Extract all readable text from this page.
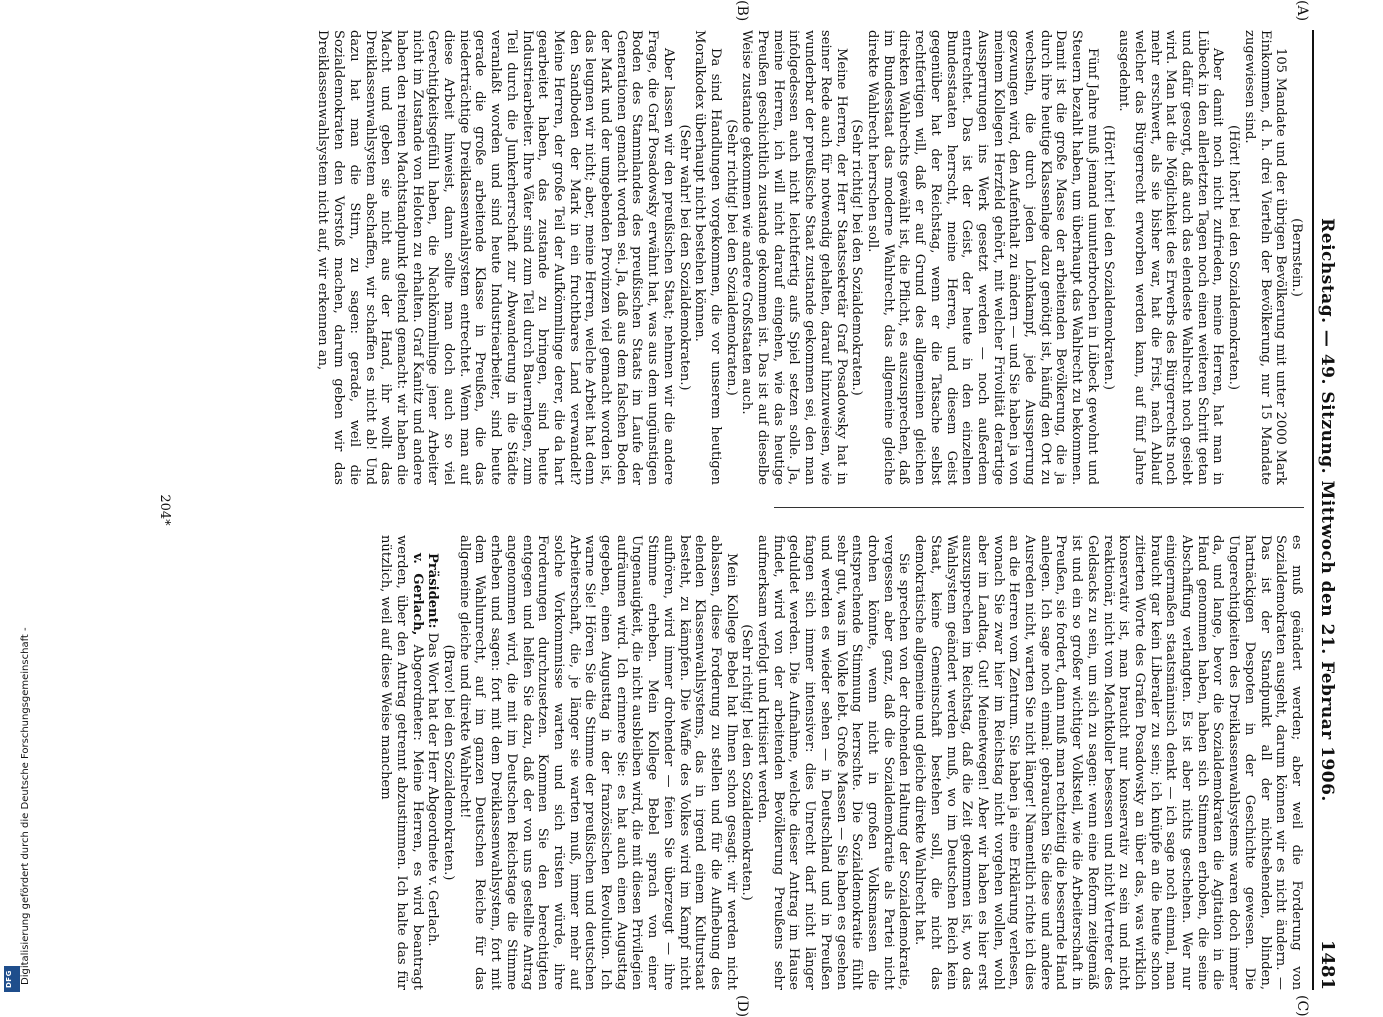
Reichstag. — 49. Sitzung. Mittwoch den 21. Februar 1906.
1481
(A)
(B)
(C)
(D)

(Bernstein.)

105 Mandate und der übrigen Bevölkerung mit unter 2000 Mark Einkommen, d. h. drei Vierteln der Bevölkerung, nur 15 Mandate zugewiesen sind.

(Hört! hört! bei den Sozialdemokraten.)

Aber damit noch nicht zufrieden, meine Herren, hat man in Lübeck in den allerletzten Tagen noch einen weiteren Schritt getan und dafür gesorgt, daß auch das elendeste Wahlrecht noch gesiebt wird. Man hat die Möglichkeit des Erwerbs des Bürgerrechts noch mehr erschwert, als sie bisher war, hat die Frist, nach Ablauf welcher das Bürgerrecht erworben werden kann, auf fünf Jahre ausgedehnt.

(Hört! hört! bei den Sozialdemokraten.)

Fünf Jahre muß jemand ununterbrochen in Lübeck gewohnt und Steuern bezahlt haben, um überhaupt das Wahlrecht zu bekommen. Damit ist die große Masse der arbeitenden Bevölkerung, die ja durch ihre heutige Klassenlage dazu genötigt ist, häufig den Ort zu wechseln, die durch jeden Lohnkampf, jede Aussperrung gezwungen wird, den Aufenthalt zu ändern — und Sie haben ja von meinem Kollegen Herzfeld gehört, mit welcher Frivolität derartige Aussperrungen ins Werk gesetzt werden — noch außerdem entrechtet. Das ist der Geist, der heute in den einzelnen Bundesstaaten herrscht, meine Herren, und diesem Geist gegenüber hat der Reichstag, wenn er die Tatsache selbst rechtfertigen will, daß er auf Grund des allgemeinen gleichen direkten Wahlrechts gewählt ist, die Pflicht, es auszusprechen, daß im Bundesstaat das moderne Wahlrecht, das allgemeine gleiche direkte Wahlrecht herrschen soll.

(Sehr richtig! bei den Sozialdemokraten.)

Meine Herren, der Herr Staatssekretär Graf Posadowsky hat in seiner Rede auch für notwendig gehalten, darauf hinzuweisen, wie wunderbar der preußische Staat zustande gekommen sei, den man infolgedessen auch nicht leichtfertig aufs Spiel setzen solle. Ja, meine Herren, ich will nicht darauf eingehen, wie das heutige Preußen geschichtlich zustande gekommen ist. Das ist auf dieselbe Weise zustande gekommen wie andere Großstaaten auch.

(Sehr richtig! bei den Sozialdemokraten.)

Da sind Handlungen vorgekommen, die vor unserem heutigen Moralkodex überhaupt nicht bestehen können.

(Sehr wahr! bei den Sozialdemokraten.)

Aber lassen wir den preußischen Staat; nehmen wir die andere Frage, die Graf Posadowsky erwähnt hat, was aus dem ungünstigen Boden des Stammlandes des preußischen Staats im Laufe der Generationen gemacht worden sei. Ja, daß aus dem falschen Boden der Mark und der umgebenden Provinzen viel gemacht worden ist, das leugnen wir nicht; aber, meine Herren, welche Arbeit hat denn den Sandboden der Mark in ein fruchtbares Land verwandelt? Meine Herren, der große Teil der Aufkömmlinge derer, die da hart gearbeitet haben, das zustande zu bringen, sind heute Industriearbeiter. Ihre Väter sind zum Teil durch Bauernlegen, zum Teil durch die Junkerherrschaft zur Abwanderung in die Städte veranlaßt worden und sind heute Industriearbeiter, sind heute gerade die große arbeitende Klasse in Preußen, die das niederträchtige Dreiklassenwahlsystem entrechtet. Wenn man auf diese Arbeit hinweist, dann sollte man doch auch so viel Gerechtigkeitsgefühl haben, die Nachkömmlinge jener Arbeiter nicht im Zustande von Heloten zu erhalten. Graf Kanitz und andere haben den reinen Machtstandpunkt geltend gemacht: wir haben die Macht und geben sie nicht aus der Hand, ihr wollt das Dreiklassenwahlsystem abschaffen, wir schaffen es nicht ab! Und dazu hat man die Stirn, zu sagen: gerade, weil die Sozialdemokraten den Vorstoß machen, darum geben wir das Dreiklassenwahlsystem nicht auf, wir erkennen an,

es muß geändert werden; aber weil die Forderung von Sozialdemokraten ausgeht, darum können wir es nicht ändern. — Das ist der Standpunkt all der nichtsehenden, blinden, hartnäckigen Despoten in der Geschichte gewesen. Die Ungerechtigkeiten des Dreiklassenwahlsystems waren doch immer da, und lange, bevor die Sozialdemokraten die Agitation in die Hand genommen haben, haben sich Stimmen erhoben, die seine Abschaffung verlangten. Es ist aber nichts geschehen. Wer nur einigermaßen staatsmännisch denkt — ich sage noch einmal, man braucht gar kein Liberaler zu sein; ich knüpfe an die heute schon zitierten Worte des Grafen Posadowsky an über das, was wirklich konservativ ist, man braucht nur konservativ zu sein und nicht reaktionär, nicht vom Machtkoller besessen und nicht Vertreter des Geldsacks zu sein, um sich zu sagen: wenn eine Reform zeitgemäß ist und ein so großer wichtiger Volksteil, wie die Arbeiterschaft in Preußen, sie fordert, dann muß man rechtzeitig die bessernde Hand anlegen. Ich sage noch einmal: gebrauchen Sie diese und andere Ausreden nicht, warten Sie nicht länger! Namentlich richte ich dies an die Herren vom Zentrum. Sie haben ja eine Erklärung verlesen, wonach Sie zwar hier im Reichstag nicht vorgehen wollen, wohl aber im Landtag. Gut! Meinetwegen! Aber wir haben es hier erst auszusprechen im Reichstag, daß die Zeit gekommen ist, wo das Wahlsystem geändert werden muß, wo im Deutschen Reich kein Staat, keine Gemeinschaft bestehen soll, die nicht das demokratische allgemeine und gleiche direkte Wahlrecht hat.

Sie sprechen von der drohenden Haltung der Sozialdemokratie, vergessen aber ganz, daß die Sozialdemokratie als Partei nicht drohen könnte, wenn nicht in großen Volksmassen die entsprechende Stimmung herrschte. Die Sozialdemokratie fühlt sehr gut, was im Volke lebt. Große Massen — Sie haben es gesehen und werden es wieder sehen — in Deutschland und in Preußen fangen sich immer intensiver: dies Unrecht darf nicht länger geduldet werden. Die Aufnahme, welche dieser Antrag im Hause findet, wird von der arbeitenden Bevölkerung Preußens sehr aufmerksam verfolgt und kritisiert werden.

(Sehr richtig! bei den Sozialdemokraten.)

Mein Kollege Bebel hat Ihnen schon gesagt: wir werden nicht ablassen, diese Forderung zu stellen und für die Aufhebung des elenden Klassenwahlsystems, das in irgend einem Kulturstaat besteht, zu kämpfen. Die Waffe des Volkes wird im Kampf nicht aufhören, wird immer drohender — feien Sie überzeugt — ihre Stimme erheben. Mein Kollege Bebel sprach von einer Ungenauigkeit, die nicht ausbleiben wird, die mit diesen Privilegien aufräumen wird. Ich erinnere Sie: es hat auch einen Augusttag gegeben, einen Augusttag in der französischen Revolution. Ich warne Sie! Hören Sie die Stimme der preußischen und deutschen Arbeiterschaft, die, je länger sie warten muß, immer mehr auf solche Vorkommnisse warten und sich rüsten würde, ihre Forderungen durchzusetzen. Kommen Sie den berechtigten entgegen und helfen Sie dazu, daß der von uns gestellte Antrag angenommen wird, die mit im Deutschen Reichstage die Stimme erheben und sagen: fort mit dem Dreiklassenwahlsystem, fort mit dem Wahlunrecht, auf im ganzen Deutschen Reiche für das allgemeine gleiche und direkte Wahlrecht!

(Bravo! bei den Sozialdemokraten.)

Präsident: Das Wort hat der Herr Abgeordnete v. Gerlach.

v. Gerlach, Abgeordneter: Meine Herren, es wird beantragt werden, über den Antrag getrennt abzustimmen. Ich halte das für nützlich, weil auf diese Weise manchem

204*
Digitalisierung gefördert durch die Deutsche Forschungsgemeinschaft -
DFG
